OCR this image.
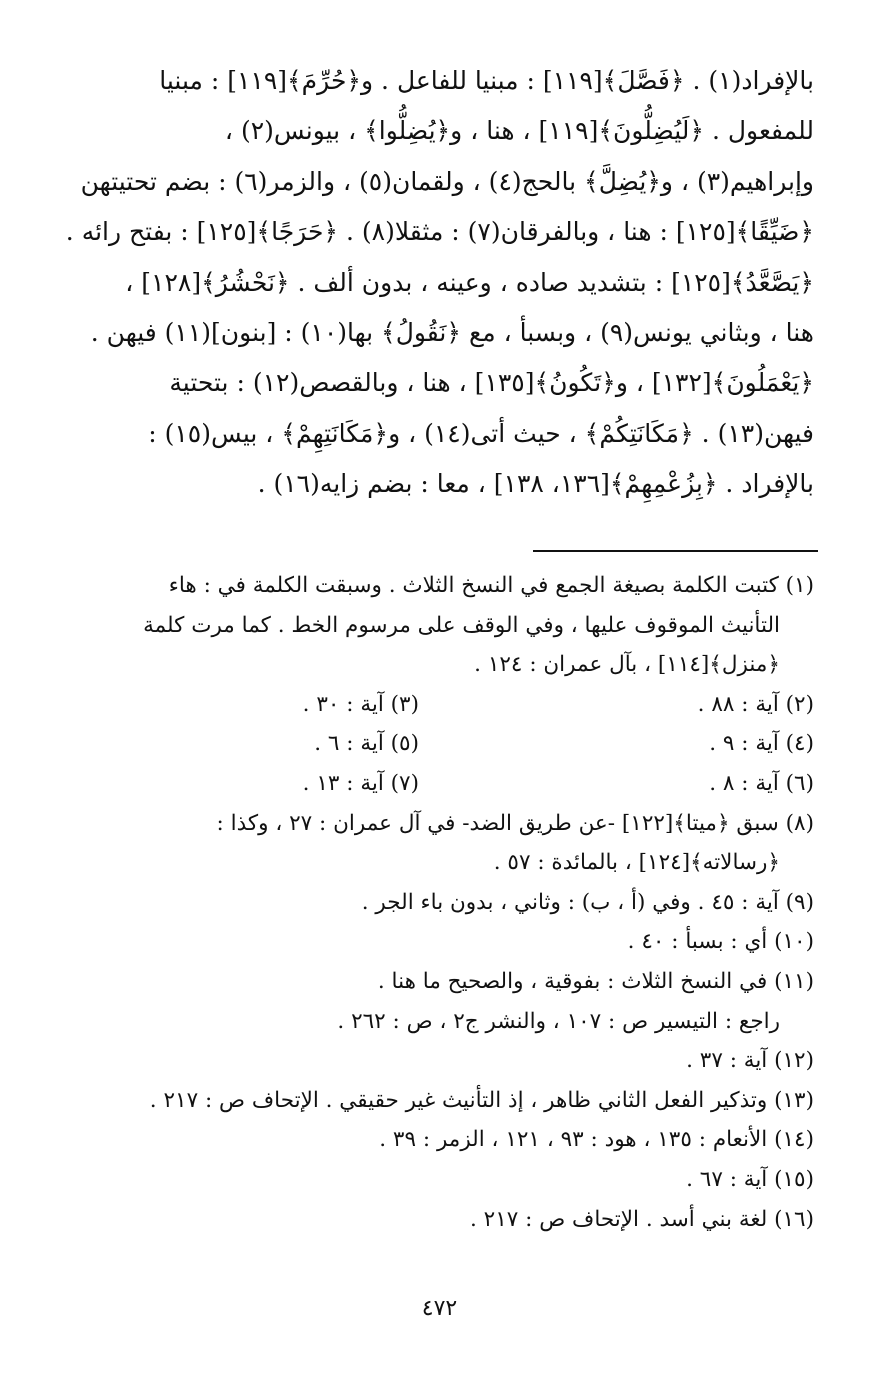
بالإفراد(١) . ﴿فَصَّلَ﴾[١١٩] : مبنيا للفاعل . و﴿حُرِّمَ﴾[١١٩] : مبنيا
للمفعول . ﴿لَيُضِلُّونَ﴾[١١٩] ، هنا ، و﴿يُضِلُّوا﴾ ، بيونس(٢) ،
وإبراهيم(٣) ، و﴿يُضِلَّ﴾ بالحج(٤) ، ولقمان(٥) ، والزمر(٦) : بضم تحتيتهن
﴿ضَيِّقًا﴾[١٢٥] : هنا ، وبالفرقان(٧) : مثقلا(٨) . ﴿حَرَجًا﴾[١٢٥] : بفتح رائه .
﴿يَصَّعَّدُ﴾[١٢٥] : بتشديد صاده ، وعينه ، بدون ألف . ﴿نَحْشُرُ﴾[١٢٨] ،
هنا ، وبثاني يونس(٩) ، وبسبأ ، مع ﴿نَقُولُ﴾ بها(١٠) : [بنون](١١) فيهن .
﴿يَعْمَلُونَ﴾[١٣٢] ، و﴿تَكُونُ﴾[١٣٥] ، هنا ، وبالقصص(١٢) : بتحتية
فيهن(١٣) . ﴿مَكَانَتِكُمْ﴾ ، حيث أتى(١٤) ، و﴿مَكَانَتِهِمْ﴾ ، بيس(١٥) :
بالإفراد . ﴿بِزُعْمِهِمْ﴾[١٣٦، ١٣٨] ، معا : بضم زايه(١٦) .
(١) كتبت الكلمة بصيغة الجمع في النسخ الثلاث . وسبقت الكلمة في : هاء
التأنيث الموقوف عليها ، وفي الوقف على مرسوم الخط . كما مرت كلمة
﴿منزل﴾[١١٤] ، بآل عمران : ١٢٤ .
(٢) آية : ٨٨ .
(٣) آية : ٣٠ .
(٤) آية : ٩ .
(٥) آية : ٦ .
(٦) آية : ٨ .
(٧) آية : ١٣ .
(٨) سبق ﴿ميتا﴾[١٢٢] -عن طريق الضد- في آل عمران : ٢٧ ، وكذا :
﴿رسالاته﴾[١٢٤] ، بالمائدة : ٥٧ .
(٩) آية : ٤٥ . وفي (أ ، ب) : وثاني ، بدون باء الجر .
(١٠) أي : بسبأ : ٤٠ .
(١١) في النسخ الثلاث : بفوقية ، والصحيح ما هنا .
راجع : التيسير ص : ١٠٧ ، والنشر ج٢ ، ص : ٢٦٢ .
(١٢) آية : ٣٧ .
(١٣) وتذكير الفعل الثاني ظاهر ، إذ التأنيث غير حقيقي . الإتحاف ص : ٢١٧ .
(١٤) الأنعام : ١٣٥ ، هود : ٩٣ ، ١٢١ ، الزمر : ٣٩ .
(١٥) آية : ٦٧ .
(١٦) لغة بني أسد . الإتحاف ص : ٢١٧ .
٤٧٢
